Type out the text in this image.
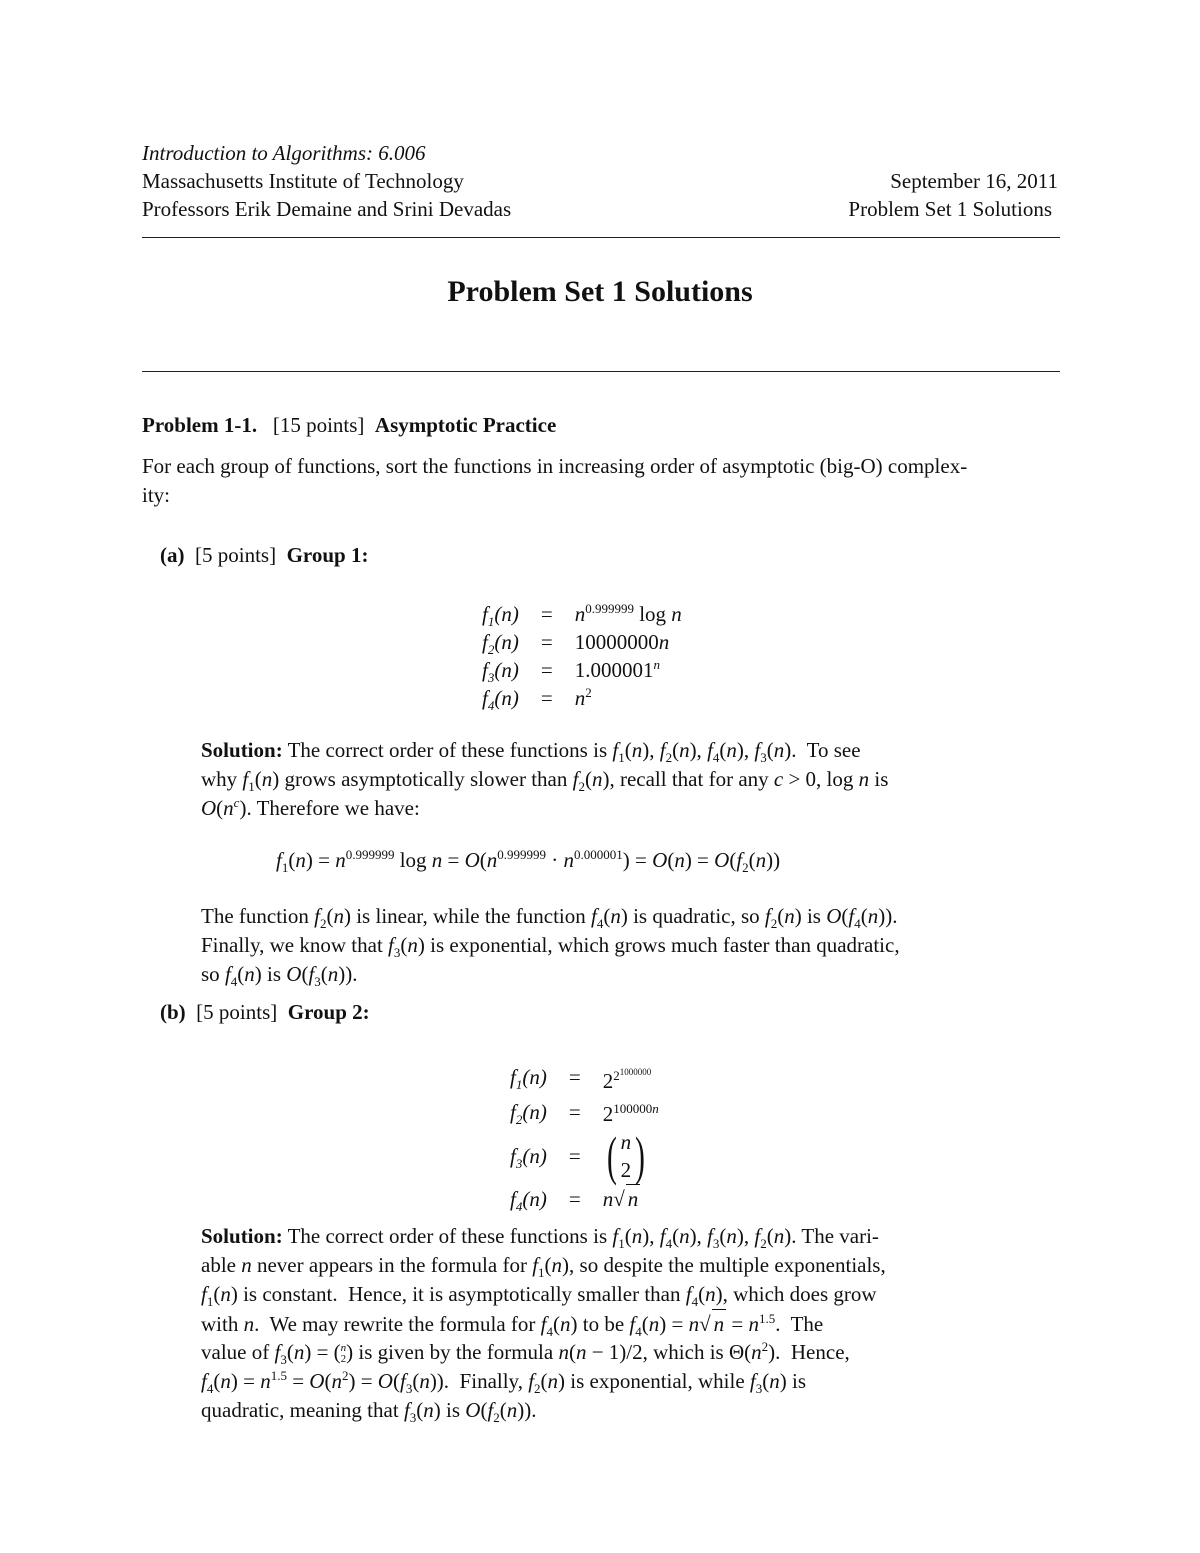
Introduction to Algorithms: 6.006
Massachusetts Institute of Technology
Professors Erik Demaine and Srini Devadas
September 16, 2011
Problem Set 1 Solutions
Problem Set 1 Solutions
Problem 1-1. [15 points] Asymptotic Practice
For each group of functions, sort the functions in increasing order of asymptotic (big-O) complex-
ity:
(a) [5 points] Group 1:
$f_1(n) = n^{0.999999}$ log n
$f_2(n) = 10000000n$
$f_3(n) = 1.000001^n$
$f_4(n) = n^2$
Solution: The correct order of these functions is $f_1(n)$, $f_2(n)$, $f_4(n)$, $f_3(n)$.  To see
why $f_1(n)$ grows asymptotically slower than $f_2(n)$, recall that for any c > 0, log n is
$O(n^c)$. Therefore we have:
$f_1(n) = n^{0.999999}$ $\log n = O(n^{0.999999} \cdot n^{0.000001}) = O(n) = O(f_2(n))$
The function $f_2(n)$ is linear, while the function $f_4(n)$ is quadratic, so $f_2(n)$ is $O(f_4(n))$.
Finally, we know that $f_3(n)$ is exponential, which grows much faster than quadratic,
so $f_4(n)$ is $O(f_3(n))$.
(b) [5 points] Group 2:
$f_1(n) = 2^{2^{1000000}}$
$f_2(n) = 2^{100000n}$
$f_3(n)$ = ( n
2 )
$f_4(n) = n√$ n
Solution: The correct order of these functions is $f_1(n)$, $f_4(n)$, $f_3(n)$, $f_2(n)$. The vari-
able n never appears in the formula for $f_1(n)$, so despite the multiple exponentials,
$f_1(n)$ is constant.  Hence, it is asymptotically smaller than $f_4(n)$, which does grow
with n.  We may rewrite the formula for $f_4(n)$ to be $f_4(n) = n√$ $n = n^{1.5}$.  The
value of $f_3(n)$ = ( n
2 ) is given by the formula n(n − 1)/2, which is $\Theta(n^2)$.  Hence,
$f_4(n) = n^{1.5} = O(n^2) = O(f_3(n))$.  Finally, $f_2(n)$ is exponential, while $f_3(n)$ is
quadratic, meaning that $f_3(n)$ is $O(f_2(n))$.
